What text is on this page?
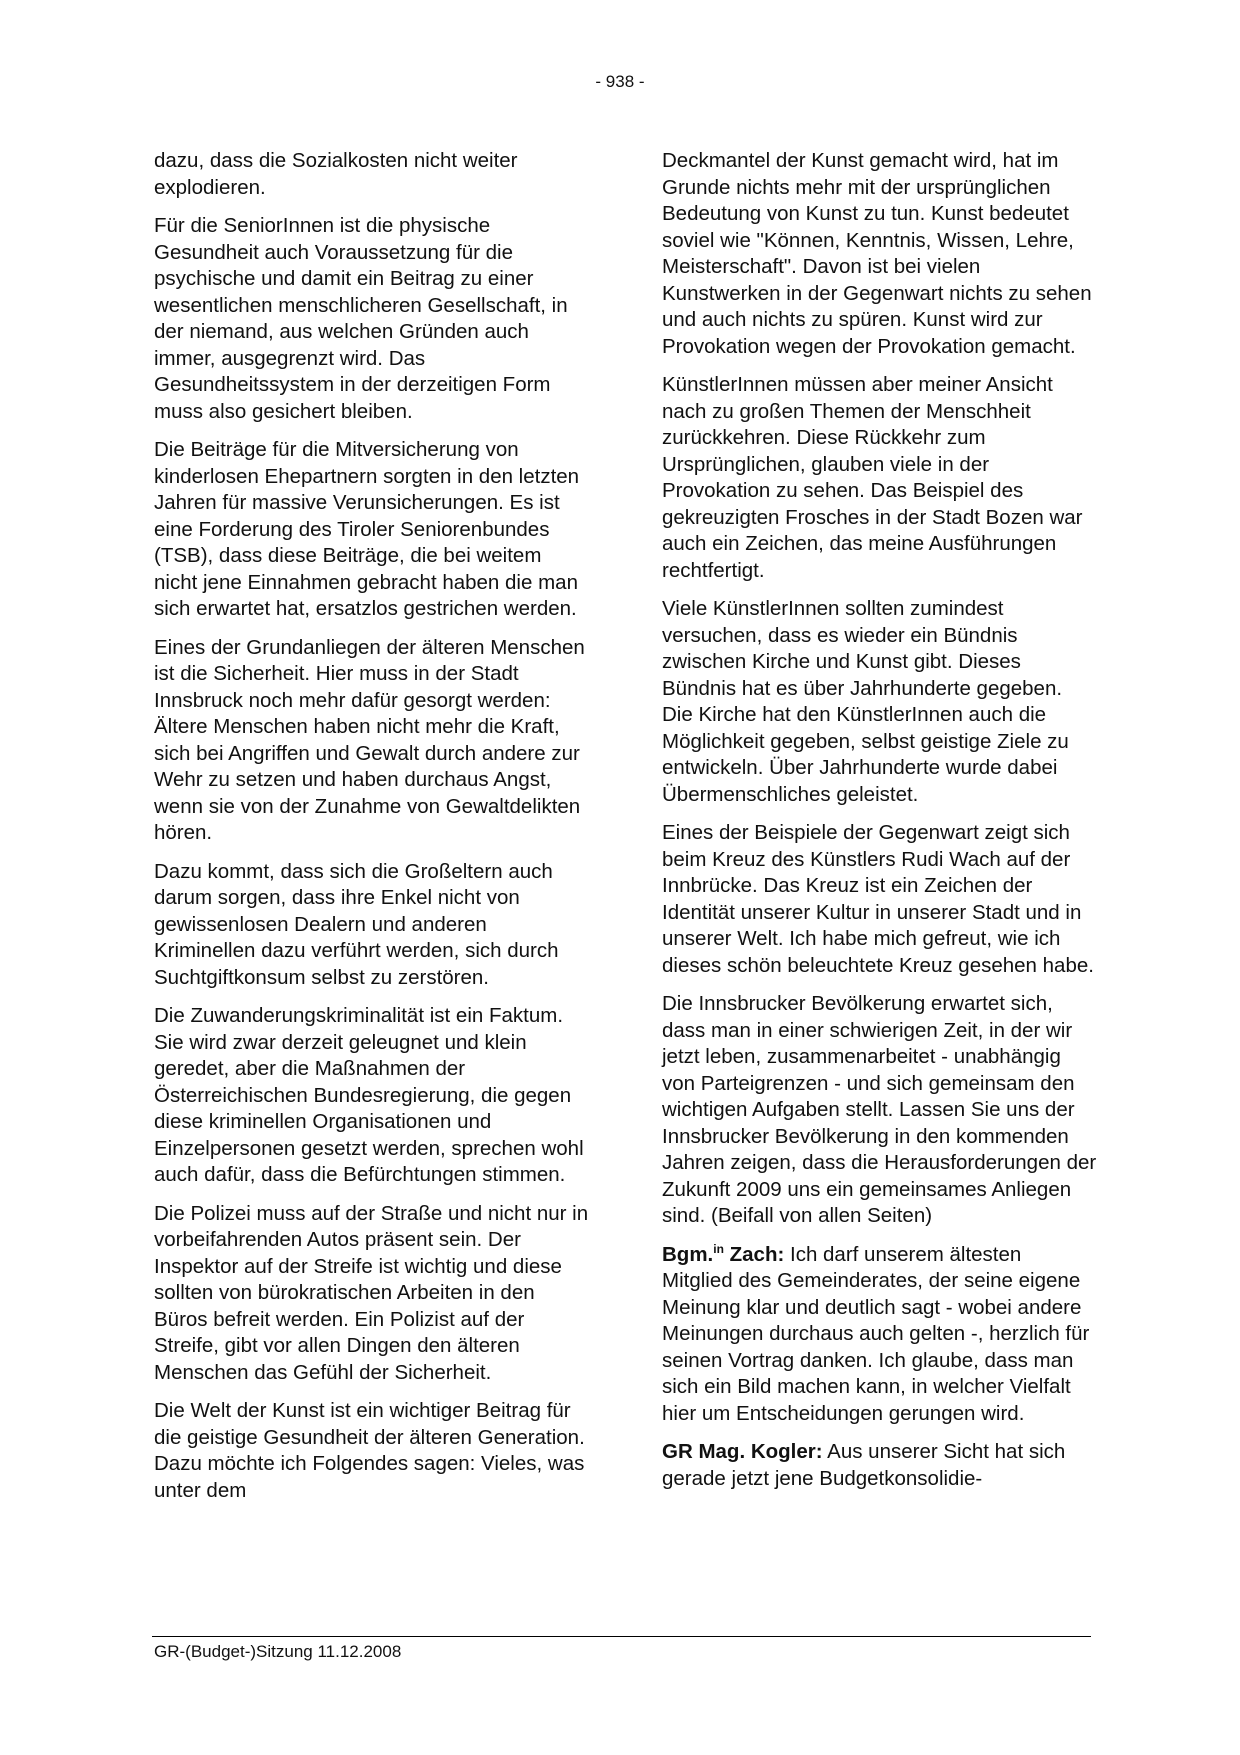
- 938 -

dazu, dass die Sozialkosten nicht weiter explodieren.

Für die SeniorInnen ist die physische Gesundheit auch Voraussetzung für die psychische und damit ein Beitrag zu einer wesentlichen menschlicheren Gesellschaft, in der niemand, aus welchen Gründen auch immer, ausgegrenzt wird. Das Gesundheitssystem in der derzeitigen Form muss also gesichert bleiben.

Die Beiträge für die Mitversicherung von kinderlosen Ehepartnern sorgten in den letzten Jahren für massive Verunsicherungen. Es ist eine Forderung des Tiroler Seniorenbundes (TSB), dass diese Beiträge, die bei weitem nicht jene Einnahmen gebracht haben die man sich erwartet hat, ersatzlos gestrichen werden.

Eines der Grundanliegen der älteren Menschen ist die Sicherheit. Hier muss in der Stadt Innsbruck noch mehr dafür gesorgt werden: Ältere Menschen haben nicht mehr die Kraft, sich bei Angriffen und Gewalt durch andere zur Wehr zu setzen und haben durchaus Angst, wenn sie von der Zunahme von Gewaltdelikten hören.

Dazu kommt, dass sich die Großeltern auch darum sorgen, dass ihre Enkel nicht von gewissenlosen Dealern und anderen Kriminellen dazu verführt werden, sich durch Suchtgiftkonsum selbst zu zerstören.

Die Zuwanderungskriminalität ist ein Faktum. Sie wird zwar derzeit geleugnet und klein geredet, aber die Maßnahmen der Österreichischen Bundesregierung, die gegen diese kriminellen Organisationen und Einzelpersonen gesetzt werden, sprechen wohl auch dafür, dass die Befürchtungen stimmen.

Die Polizei muss auf der Straße und nicht nur in vorbeifahrenden Autos präsent sein. Der Inspektor auf der Streife ist wichtig und diese sollten von bürokratischen Arbeiten in den Büros befreit werden. Ein Polizist auf der Streife, gibt vor allen Dingen den älteren Menschen das Gefühl der Sicherheit.

Die Welt der Kunst ist ein wichtiger Beitrag für die geistige Gesundheit der älteren Generation. Dazu möchte ich Folgendes sagen: Vieles, was unter dem

Deckmantel der Kunst gemacht wird, hat im Grunde nichts mehr mit der ursprünglichen Bedeutung von Kunst zu tun. Kunst bedeutet soviel wie "Können, Kenntnis, Wissen, Lehre, Meisterschaft". Davon ist bei vielen Kunstwerken in der Gegenwart nichts zu sehen und auch nichts zu spüren. Kunst wird zur Provokation wegen der Provokation gemacht.

KünstlerInnen müssen aber meiner Ansicht nach zu großen Themen der Menschheit zurückkehren. Diese Rückkehr zum Ursprünglichen, glauben viele in der Provokation zu sehen. Das Beispiel des gekreuzigten Frosches in der Stadt Bozen war auch ein Zeichen, das meine Ausführungen rechtfertigt.

Viele KünstlerInnen sollten zumindest versuchen, dass es wieder ein Bündnis zwischen Kirche und Kunst gibt. Dieses Bündnis hat es über Jahrhunderte gegeben. Die Kirche hat den KünstlerInnen auch die Möglichkeit gegeben, selbst geistige Ziele zu entwickeln. Über Jahrhunderte wurde dabei Übermenschliches geleistet.

Eines der Beispiele der Gegenwart zeigt sich beim Kreuz des Künstlers Rudi Wach auf der Innbrücke. Das Kreuz ist ein Zeichen der Identität unserer Kultur in unserer Stadt und in unserer Welt. Ich habe mich gefreut, wie ich dieses schön beleuchtete Kreuz gesehen habe.

Die Innsbrucker Bevölkerung erwartet sich, dass man in einer schwierigen Zeit, in der wir jetzt leben, zusammenarbeitet - unabhängig von Parteigrenzen - und sich gemeinsam den wichtigen Aufgaben stellt. Lassen Sie uns der Innsbrucker Bevölkerung in den kommenden Jahren zeigen, dass die Herausforderungen der Zukunft 2009 uns ein gemeinsames Anliegen sind. (Beifall von allen Seiten)

Bgm.$^{in}$ Zach: Ich darf unserem ältesten Mitglied des Gemeinderates, der seine eigene Meinung klar und deutlich sagt - wobei andere Meinungen durchaus auch gelten -, herzlich für seinen Vortrag danken. Ich glaube, dass man sich ein Bild machen kann, in welcher Vielfalt hier um Entscheidungen gerungen wird.

GR Mag. Kogler: Aus unserer Sicht hat sich gerade jetzt jene Budgetkonsolidie-

GR-(Budget-)Sitzung 11.12.2008
